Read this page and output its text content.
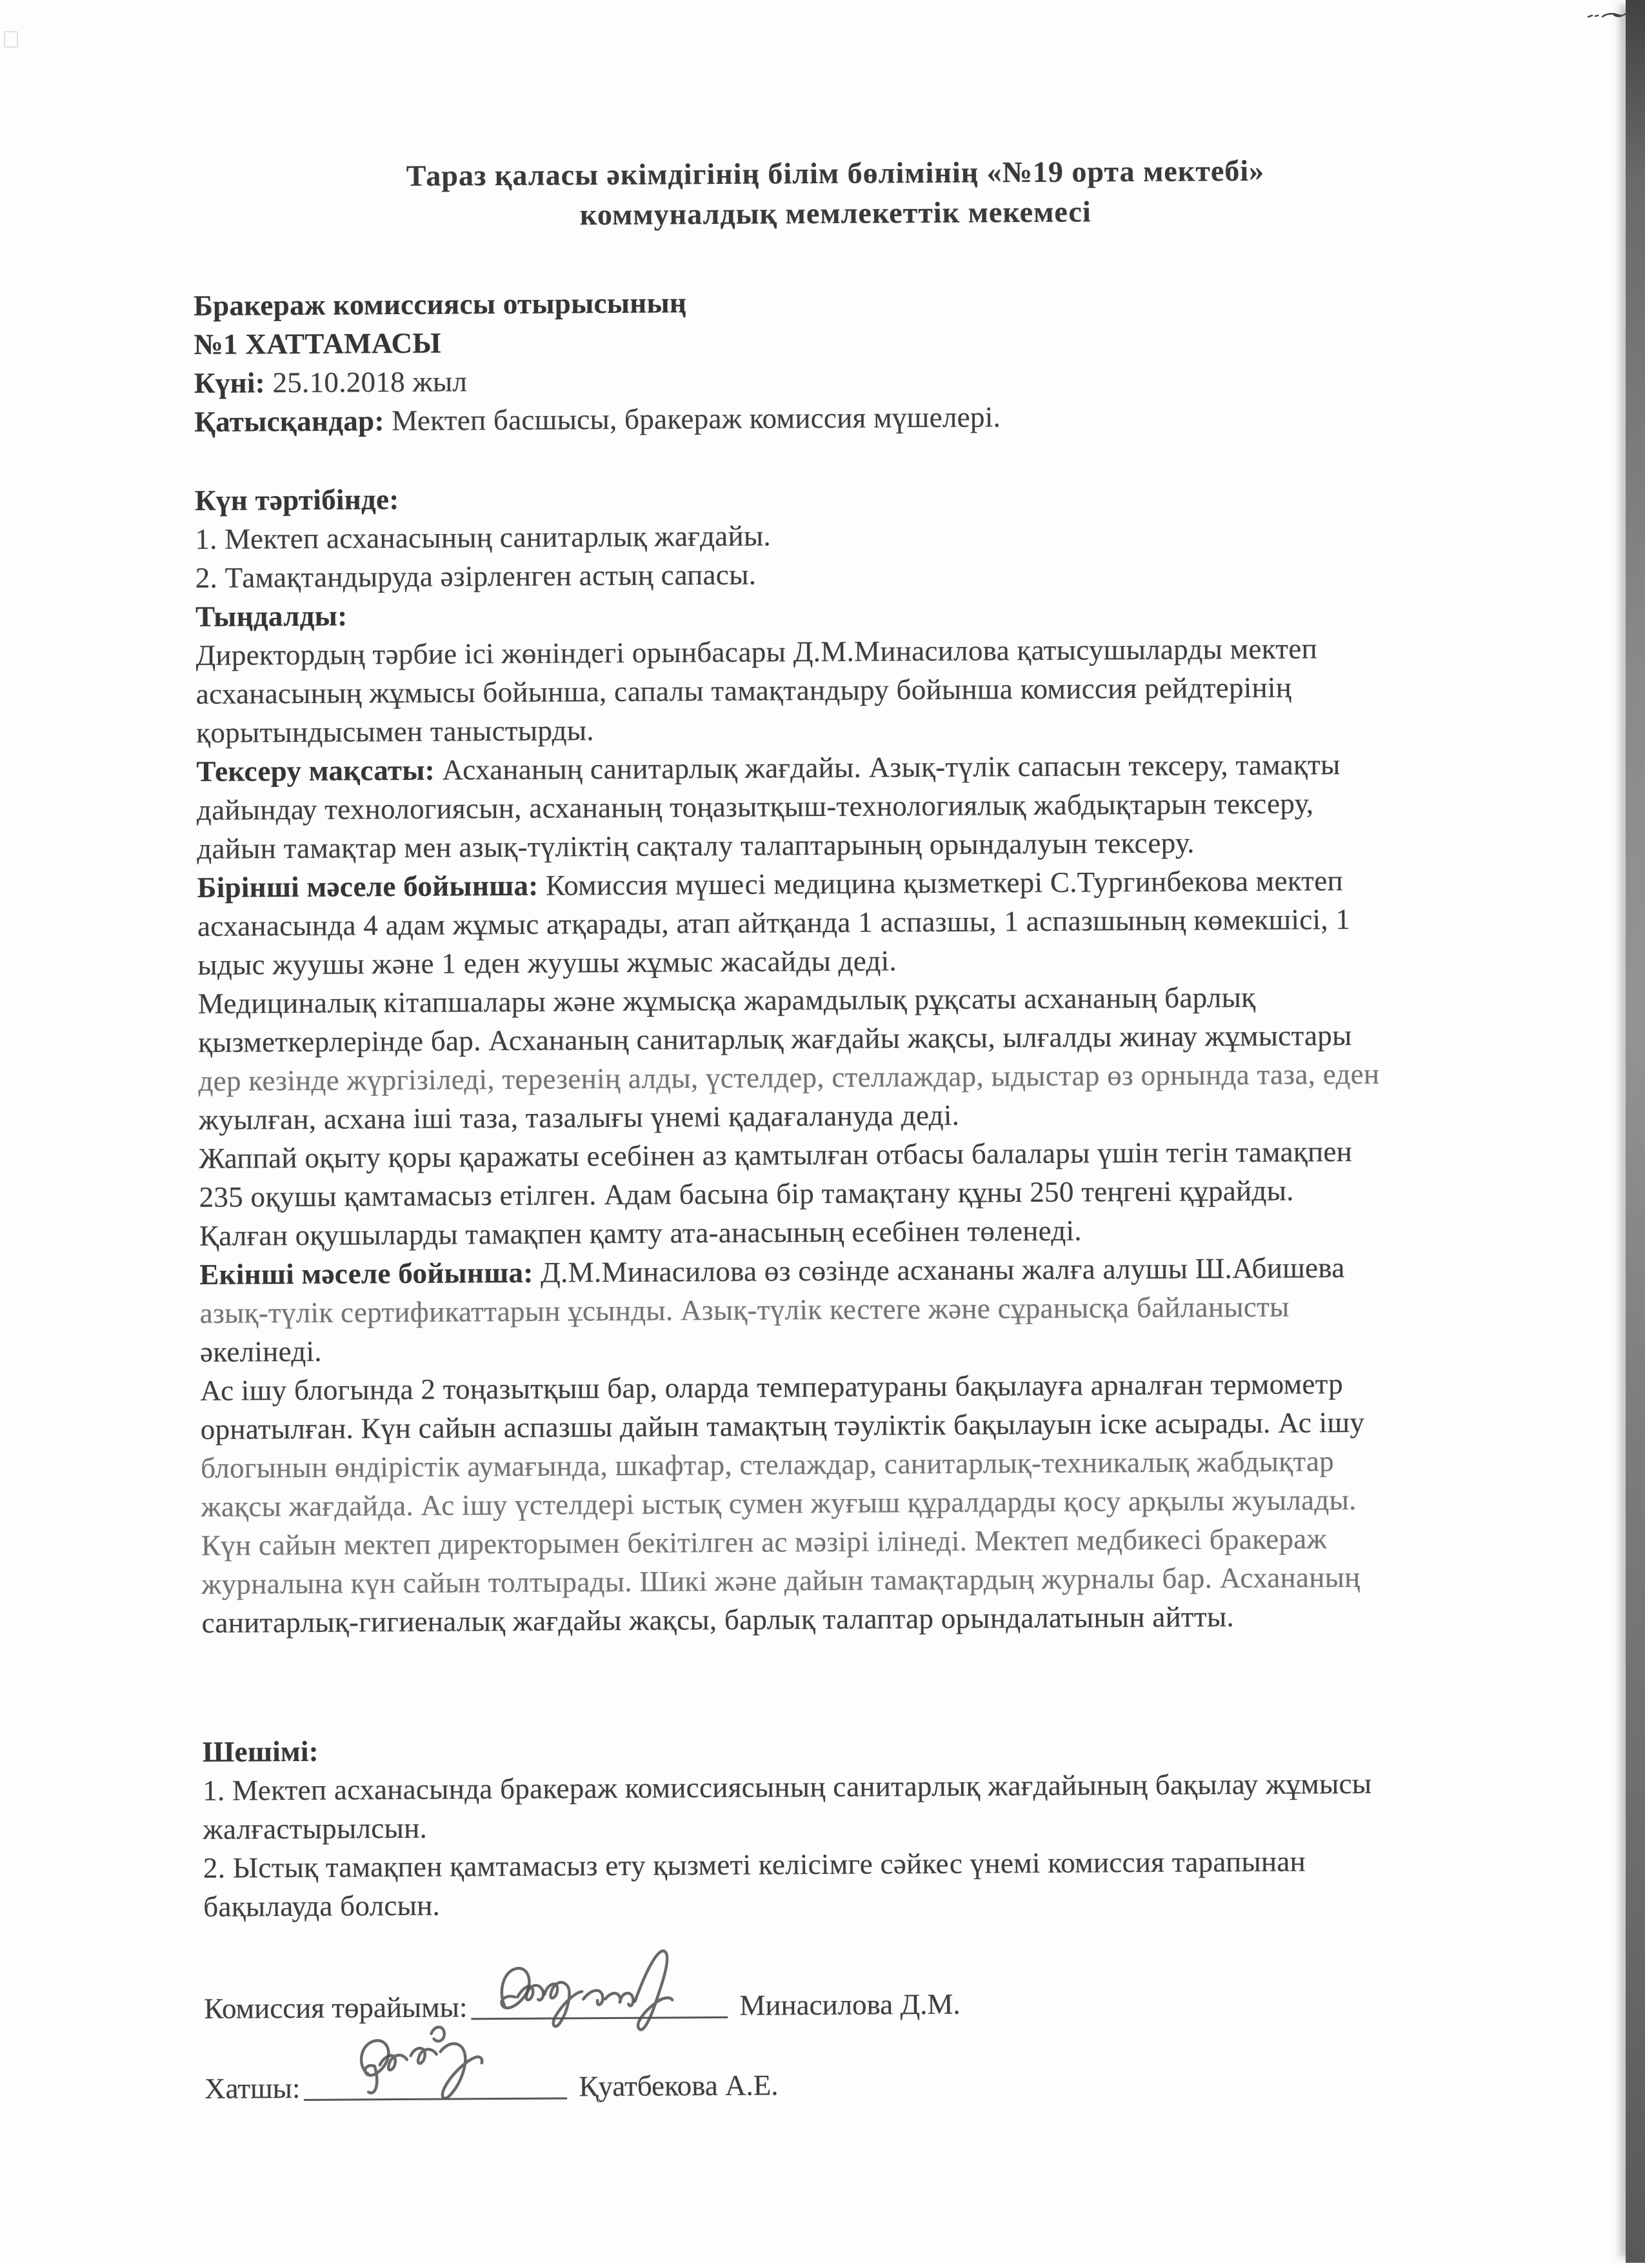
Тараз қаласы әкімдігінің білім бөлімінің «№19 орта мектебі»
коммуналдық мемлекеттік мекемесі
Бракераж комиссиясы отырысының
№1 ХАТТАМАСЫ
Күні: 25.10.2018 жыл
Қатысқандар: Мектеп басшысы, бракераж комиссия мүшелері.
Күн тәртібінде:
1. Мектеп асханасының санитарлық жағдайы.
2. Тамақтандыруда әзірленген астың сапасы.
Тыңдалды:
Директордың тәрбие ісі жөніндегі орынбасары Д.М.Минасилова қатысушыларды мектеп
асханасының жұмысы бойынша, сапалы тамақтандыру бойынша комиссия рейдтерінің
қорытындысымен таныстырды.
Тексеру мақсаты: Асхананың санитарлық жағдайы. Азық-түлік сапасын тексеру, тамақты
дайындау технологиясын, асхананың тоңазытқыш-технологиялық жабдықтарын тексеру,
дайын тамақтар мен азық-түліктің сақталу талаптарының орындалуын тексеру.
Бірінші мәселе бойынша: Комиссия мүшесі медицина қызметкері С.Тургинбекова мектеп
асханасында 4 адам жұмыс атқарады, атап айтқанда 1 аспазшы, 1 аспазшының көмекшісі, 1
ыдыс жуушы және 1 еден жуушы жұмыс жасайды деді.
Медициналық кітапшалары және жұмысқа жарамдылық рұқсаты асхананың барлық
қызметкерлерінде бар. Асхананың санитарлық жағдайы жақсы, ылғалды жинау жұмыстары
дер кезінде жүргізіледі, терезенің алды, үстелдер, стеллаждар, ыдыстар өз орнында таза, еден
жуылған, асхана іші таза, тазалығы үнемі қадағалануда деді.
Жаппай оқыту қоры қаражаты есебінен аз қамтылған отбасы балалары үшін тегін тамақпен
235 оқушы қамтамасыз етілген. Адам басына бір тамақтану құны 250 теңгені құрайды.
Қалған оқушыларды тамақпен қамту ата-анасының есебінен төленеді.
Екінші мәселе бойынша: Д.М.Минасилова өз сөзінде асхананы жалға алушы Ш.Абишева
азық-түлік сертификаттарын ұсынды. Азық-түлік кестеге және сұранысқа байланысты
әкелінеді.
Ас ішу блогында 2 тоңазытқыш бар, оларда температураны бақылауға арналған термометр
орнатылған. Күн сайын аспазшы дайын тамақтың тәуліктік бақылауын іске асырады. Ас ішу
блогынын өндірістік аумағында, шкафтар, стелаждар, санитарлық-техникалық жабдықтар
жақсы жағдайда. Ас ішу үстелдері ыстық сумен жуғыш құралдарды қосу арқылы жуылады.
Күн сайын мектеп директорымен бекітілген ас мәзірі ілінеді. Мектеп медбикесі бракераж
журналына күн сайын толтырады. Шикі және дайын тамақтардың журналы бар. Асхананың
санитарлық-гигиеналық жағдайы жақсы, барлық талаптар орындалатынын айтты.
Шешімі:
1. Мектеп асханасында бракераж комиссиясының санитарлық жағдайының бақылау жұмысы
жалғастырылсын.
2. Ыстық тамақпен қамтамасыз ету қызметі келісімге сәйкес үнемі комиссия тарапынан
бақылауда болсын.
Комиссия төрайымы:	Минасилова Д.М.
Хатшы:	Қуатбекова А.Е.
